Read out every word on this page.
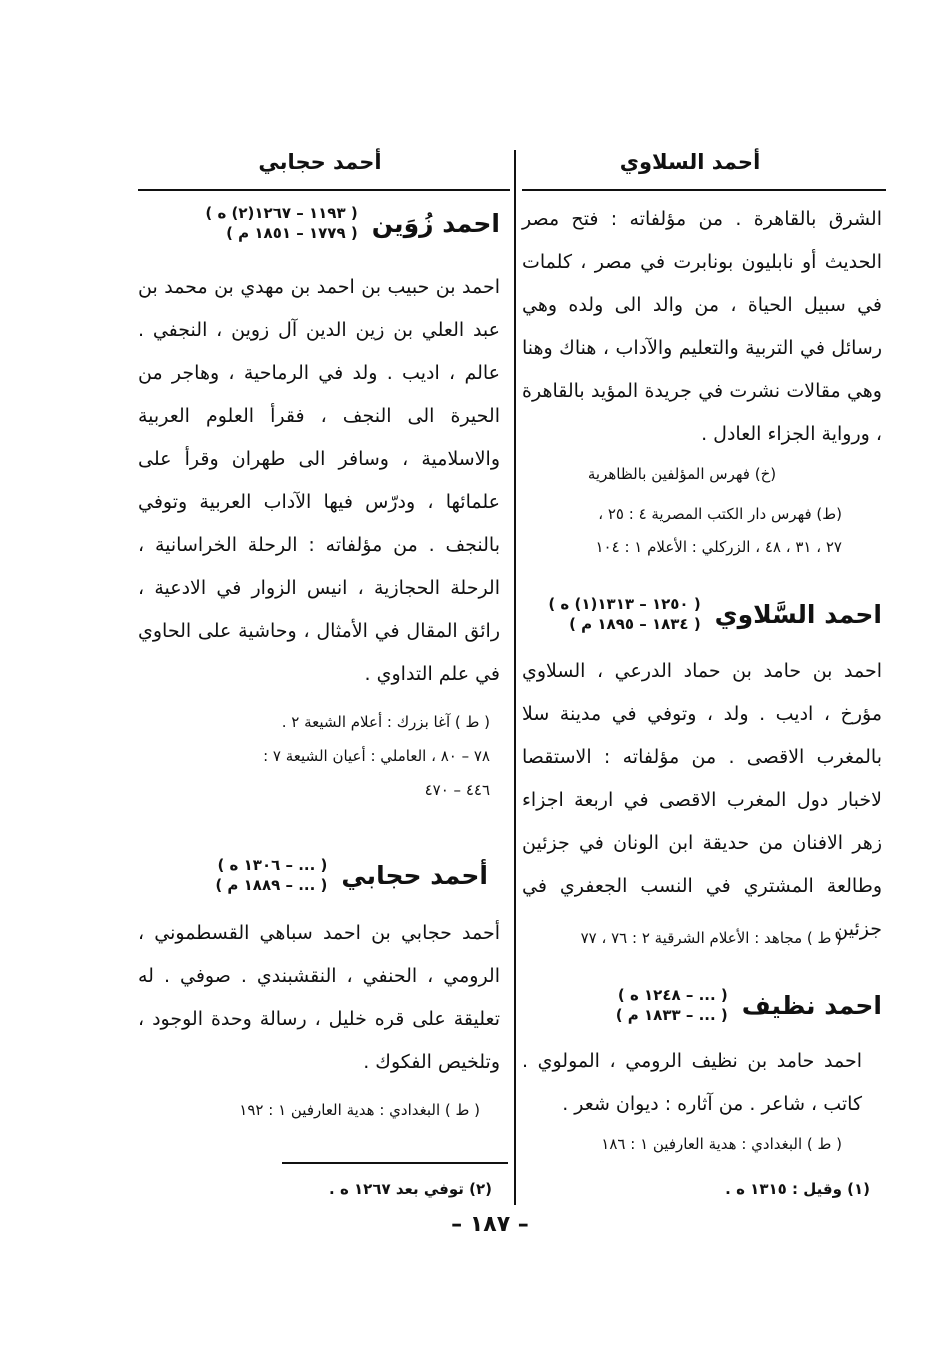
أحمد السلاوي
أحمد حجابي
الشرق بالقاهرة . من مؤلفاته : فتح مصر الحديث أو نابليون بونابرت في مصر ، كلمات في سبيل الحياة ، من والد الى ولده وهي رسائل في التربية والتعليم والآداب ، هناك وهنا وهي مقالات نشرت في جريدة المؤيد بالقاهرة ، ورواية الجزاء العادل .
(خ) فهرس المؤلفين بالظاهرية
(ط) فهرس دار الكتب المصرية ٤ : ٢٥ ،
٢٧ ، ٣١ ، ٤٨ ، الزركلي : الأعلام ١ : ١٠٤
احمد السَّلاوي
( ١٢٥٠ – ١٣١٣(١) ه )
( ١٨٣٤ – ١٨٩٥ م )
احمد بن حامد بن حماد الدرعي ، السلاوي مؤرخ ، اديب . ولد ، وتوفي في مدينة سلا بالمغرب الاقصى . من مؤلفاته : الاستقصا لاخبار دول المغرب الاقصى في اربعة اجزاء زهر الافنان من حديقة ابن الونان في جزئين وطالعة المشتري في النسب الجعفري في جزئين
( ط ) مجاهد : الأعلام الشرقية ٢ : ٧٦ ، ٧٧
احمد نظيف
( ... – ١٢٤٨ ه )
( ... – ١٨٣٣ م )
احمد حامد بن نظيف الرومي ، المولوي . كاتب ، شاعر . من آثاره : ديوان شعر .
( ط ) البغدادي : هدية العارفين ١ : ١٨٦
(١) وقيل : ١٣١٥ ه .
احمد زُوَين
( ١١٩٣ – ١٢٦٧(٢) ه )
( ١٧٧٩ – ١٨٥١ م )
احمد بن حبيب بن احمد بن مهدي بن محمد بن عبد العلي بن زين الدين آل زوين ، النجفي . عالم ، اديب . ولد في الرماحية ، وهاجر من الحيرة الى النجف ، فقرأ العلوم العربية والاسلامية ، وسافر الى طهران وقرأ على علمائها ، ودرّس فيها الآداب العربية وتوفي بالنجف . من مؤلفاته : الرحلة الخراسانية ، الرحلة الحجازية ، انيس الزوار في الادعية ، رائق المقال في الأمثال ، وحاشية على الحاوي في علم التداوي .
( ط ) آغا بزرك : أعلام الشيعة ٢ .
٧٨ – ٨٠ ، العاملي : أعيان الشيعة ٧ :
٤٤٦ – ٤٧٠
أحمد حجابي
( ... – ١٣٠٦ ه )
( ... – ١٨٨٩ م )
أحمد حجابي بن احمد سباهي القسطموني ، الرومي ، الحنفي ، النقشبندي . صوفي . له تعليقة على قره خليل ، رسالة وحدة الوجود ، وتلخيص الفكوك .
( ط ) البغدادي : هدية العارفين ١ : ١٩٢
(٢) توفي بعد ١٢٦٧ ه .
– ١٨٧ –
